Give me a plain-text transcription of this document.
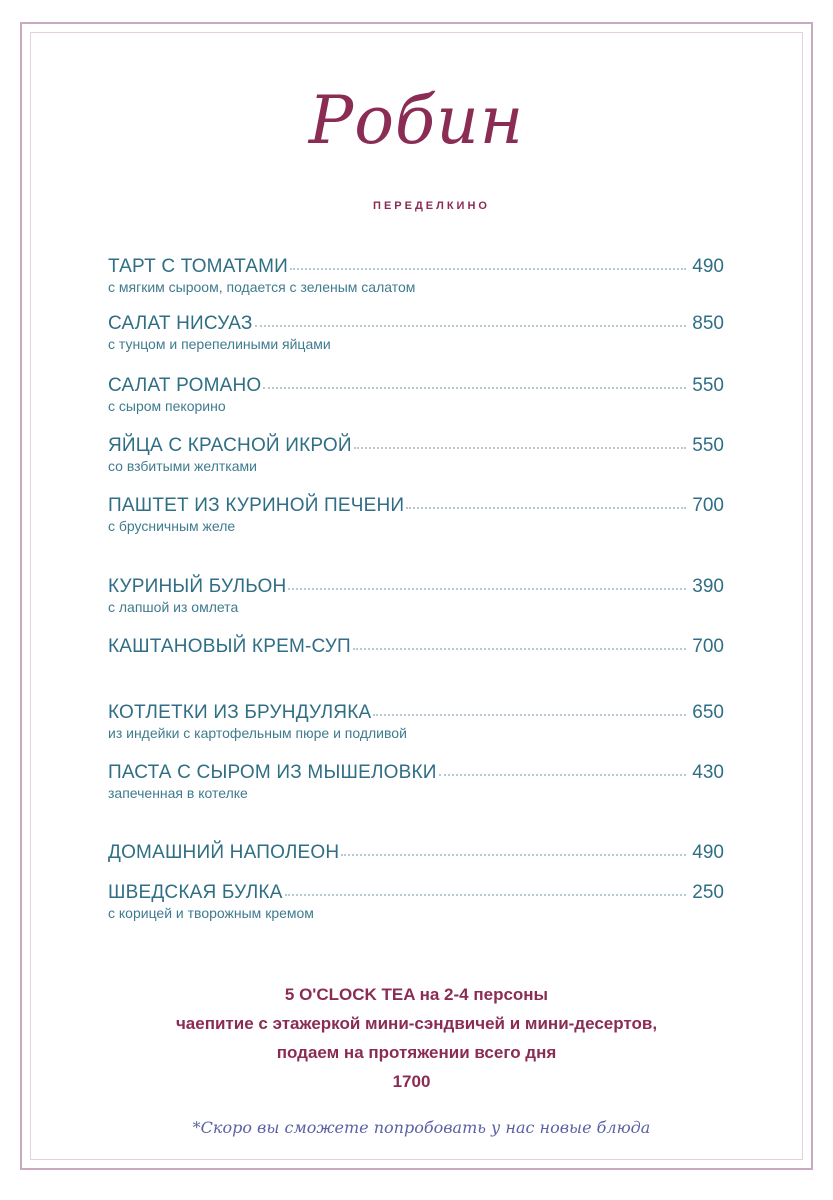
Робин
ПЕРЕДЕЛКИНО
ТАРТ С ТОМАТАМИ	490
с мягким сыроом, подается с зеленым салатом
САЛАТ НИСУАЗ	850
с тунцом и перепелиными яйцами
САЛАТ РОМАНО	550
с сыром пекорино
ЯЙЦА С КРАСНОЙ ИКРОЙ	550
со взбитыми желтками
ПАШТЕТ ИЗ КУРИНОЙ ПЕЧЕНИ	700
с брусничным желе
КУРИНЫЙ БУЛЬОН	390
с лапшой из омлета
КАШТАНОВЫЙ КРЕМ-СУП	700
КОТЛЕТКИ ИЗ БРУНДУЛЯКА	650
из индейки с картофельным пюре и подливой
ПАСТА С СЫРОМ ИЗ МЫШЕЛОВКИ	430
запеченная в котелке
ДОМАШНИЙ НАПОЛЕОН	490
ШВЕДСКАЯ БУЛКА	250
с корицей и творожным кремом
5 O'CLOCK TEA на 2-4 персоны
чаепитие с этажеркой мини-сэндвичей и мини-десертов,
подаем на протяжении всего дня
1700
*Скоро вы сможете попробовать у нас новые блюда
